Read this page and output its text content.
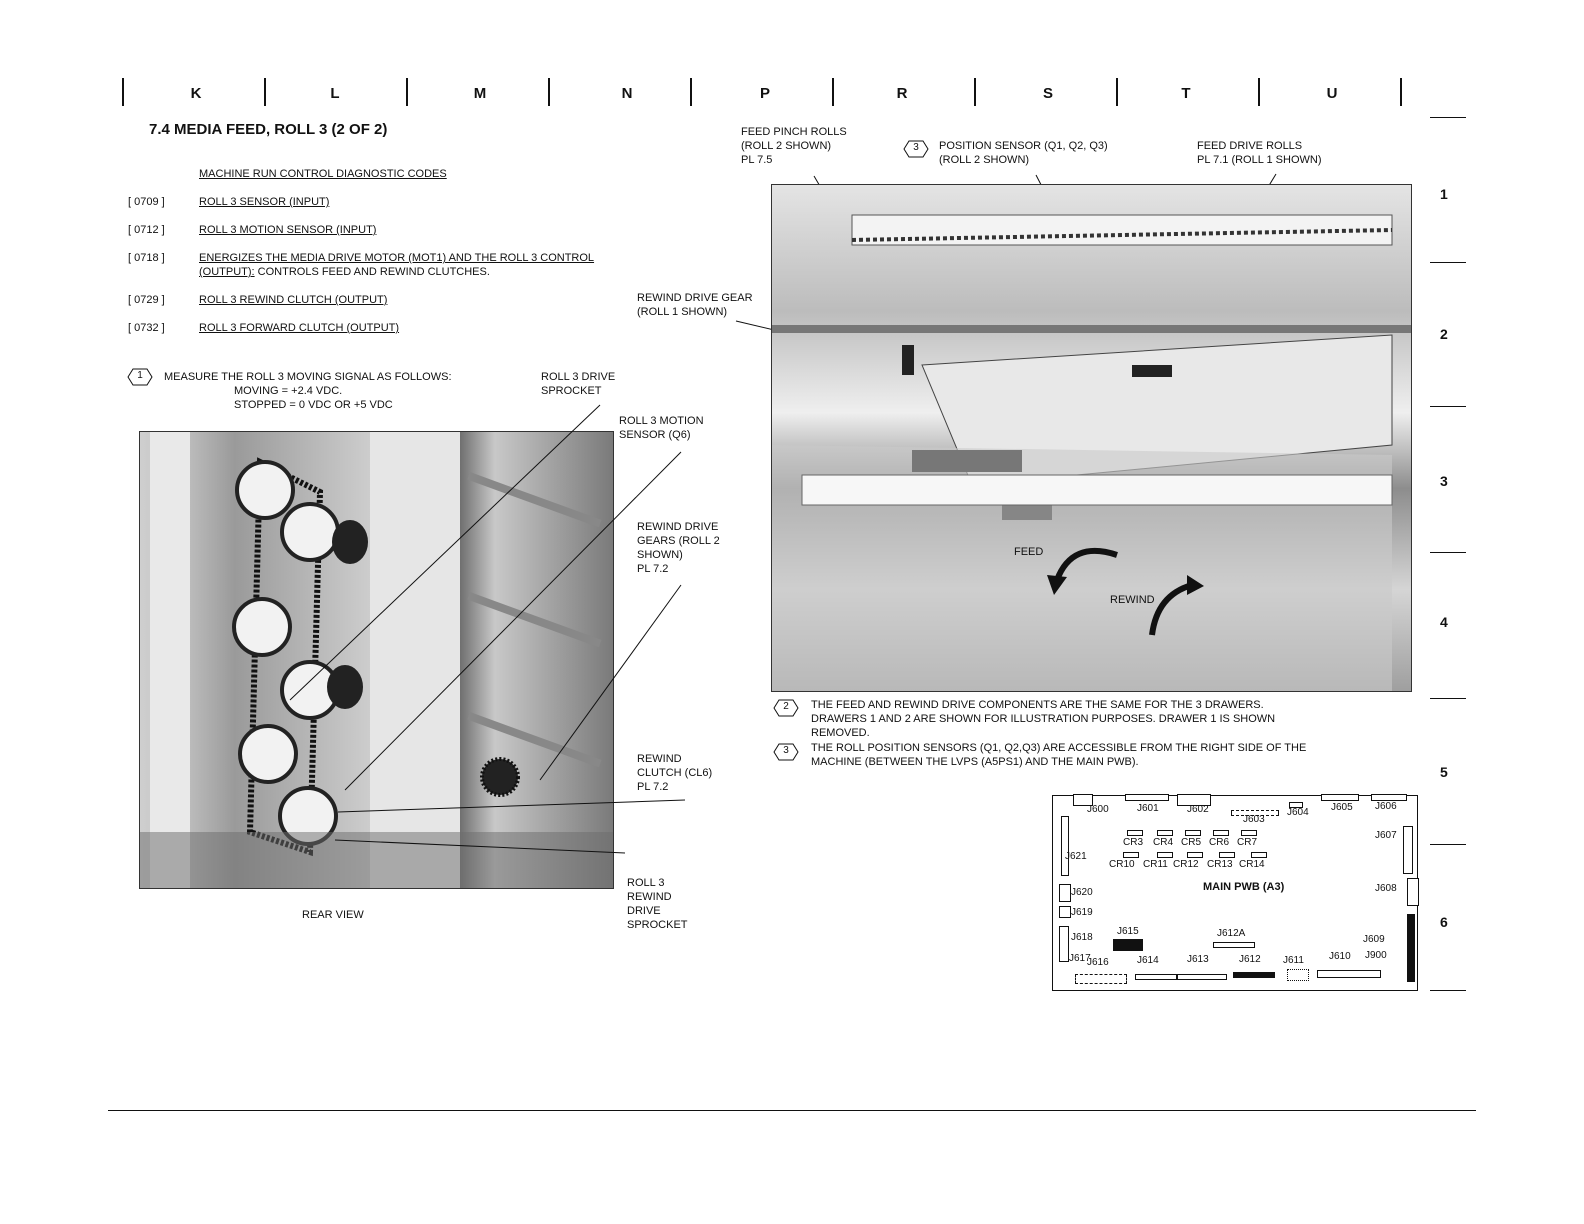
K	L	M	N	P	R	S	T	U
1
2
3
4
5
6
7.4 MEDIA FEED, ROLL 3 (2 OF 2)
MACHINE RUN CONTROL DIAGNOSTIC CODES
[ 0709 ]	ROLL 3 SENSOR (INPUT)
[ 0712 ]	ROLL 3 MOTION SENSOR (INPUT)
[ 0718 ]	ENERGIZES THE MEDIA DRIVE MOTOR (MOT1) AND THE ROLL 3 CONTROL
(OUTPUT): CONTROLS FEED AND REWIND CLUTCHES.
[ 0729 ]	ROLL 3 REWIND CLUTCH (OUTPUT)
[ 0732 ]	ROLL 3 FORWARD CLUTCH (OUTPUT)
1	MEASURE THE ROLL 3 MOVING SIGNAL AS FOLLOWS:
MOVING = +2.4 VDC.
STOPPED = 0 VDC OR +5 VDC
ROLL 3 DRIVE
SPROCKET
ROLL 3 MOTION
SENSOR (Q6)
REWIND DRIVE
GEARS (ROLL 2
SHOWN)
PL 7.2
REWIND
CLUTCH (CL6)
PL 7.2
ROLL 3
REWIND
DRIVE
SPROCKET
REAR VIEW
FEED
REWIND
FEED PINCH ROLLS
(ROLL 2 SHOWN)
PL 7.5
3	POSITION SENSOR (Q1, Q2, Q3)
(ROLL 2 SHOWN)
FEED DRIVE ROLLS
PL 7.1 (ROLL 1 SHOWN)
REWIND DRIVE GEAR
(ROLL 1 SHOWN)
2	THE FEED AND REWIND DRIVE COMPONENTS ARE THE SAME FOR THE 3 DRAWERS.
DRAWERS 1 AND 2 ARE SHOWN FOR ILLUSTRATION PURPOSES. DRAWER 1 IS SHOWN
REMOVED.
3	THE ROLL POSITION SENSORS (Q1, Q2,Q3) ARE ACCESSIBLE FROM THE RIGHT SIDE OF THE
MACHINE (BETWEEN THE LVPS (A5PS1) AND THE MAIN PWB).
J600	J601	J602
J603
J604 J605 J606
J607
CR3 CR4 CR5 CR6 CR7
CR10 CR11 CR12 CR13 CR14
J621
J620
J619
J618
J617
MAIN PWB (A3)	J608
J615	J612A
J609
J900
J616	J614	J613	J612 J611	J610
